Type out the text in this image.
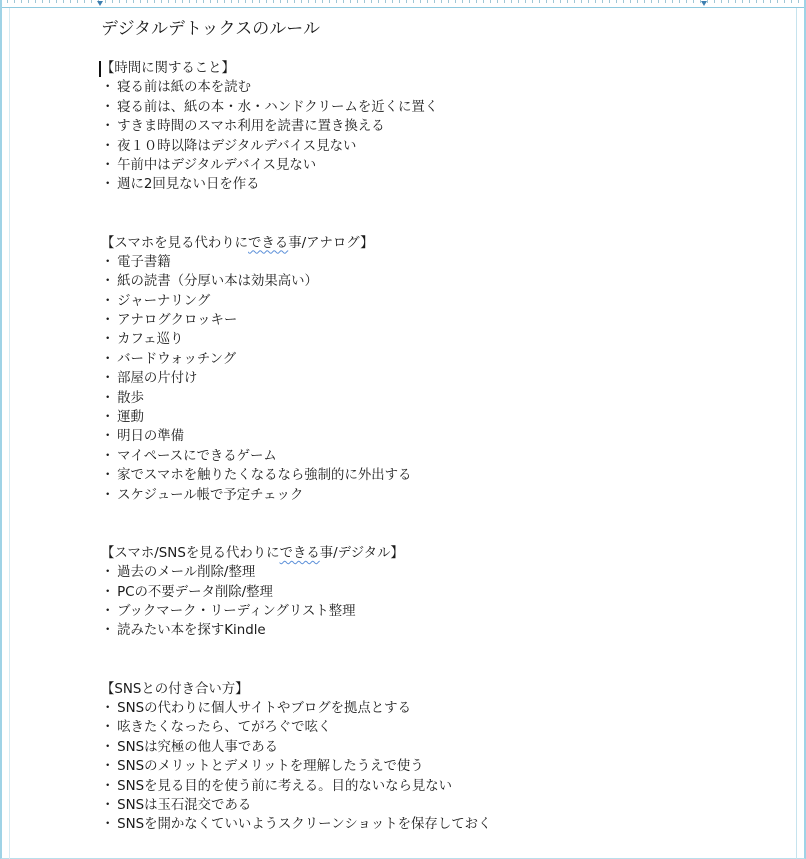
デジタルデトックスのルール
【時間に関すること】
・ 寝る前は紙の本を読む
・ 寝る前は、紙の本・水・ハンドクリームを近くに置く
・ すきま時間のスマホ利用を読書に置き換える
・ 夜１０時以降はデジタルデバイス見ない
・ 午前中はデジタルデバイス見ない
・ 週に2回見ない日を作る
【スマホを見る代わりにできる事/アナログ】
・ 電子書籍
・ 紙の読書（分厚い本は効果高い）
・ ジャーナリング
・ アナログクロッキー
・ カフェ巡り
・ バードウォッチング
・ 部屋の片付け
・ 散歩
・ 運動
・ 明日の準備
・ マイペースにできるゲーム
・ 家でスマホを触りたくなるなら強制的に外出する
・ スケジュール帳で予定チェック
【スマホ/SNSを見る代わりにできる事/デジタル】
・ 過去のメール削除/整理
・ PCの不要データ削除/整理
・ ブックマーク・リーディングリスト整理
・ 読みたい本を探すKindle
【SNSとの付き合い方】
・ SNSの代わりに個人サイトやブログを拠点とする
・ 呟きたくなったら、てがろぐで呟く
・ SNSは究極の他人事である
・ SNSのメリットとデメリットを理解したうえで使う
・ SNSを見る目的を使う前に考える。目的ないなら見ない
・ SNSは玉石混交である
・ SNSを開かなくていいようスクリーンショットを保存しておく
